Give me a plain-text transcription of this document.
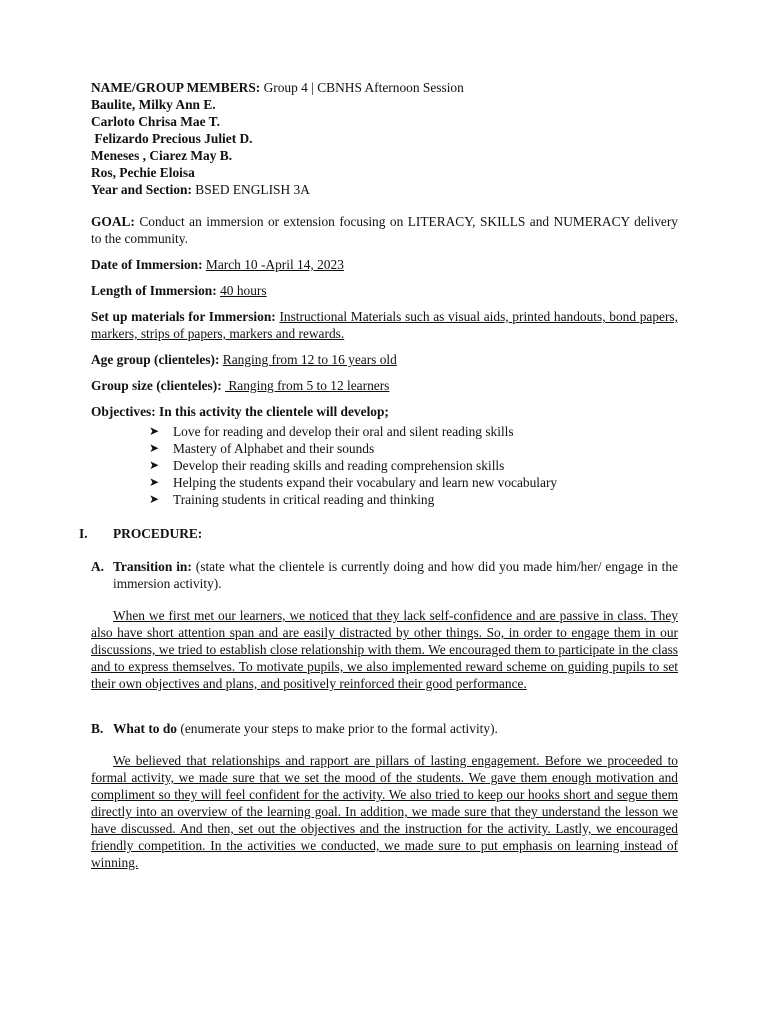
NAME/GROUP MEMBERS: Group 4 | CBNHS Afternoon Session
Baulite, Milky Ann E.
Carloto Chrisa Mae T.
Felizardo Precious Juliet D.
Meneses , Ciarez May B.
Ros, Pechie Eloisa
Year and Section: BSED ENGLISH 3A

GOAL: Conduct an immersion or extension focusing on LITERACY, SKILLS and NUMERACY delivery to the community.

Date of Immersion: March 10 -April 14, 2023

Length of Immersion: 40 hours

Set up materials for Immersion: Instructional Materials such as visual aids, printed handouts, bond papers, markers, strips of papers, markers and rewards.

Age group (clienteles): Ranging from 12 to 16 years old

Group size (clienteles):  Ranging from 5 to 12 learners

Objectives: In this activity the clientele will develop;

➤ Love for reading and develop their oral and silent reading skills
➤ Mastery of Alphabet and their sounds
➤ Develop their reading skills and reading comprehension skills
➤ Helping the students expand their vocabulary and learn new vocabulary
➤ Training students in critical reading and thinking
I. PROCEDURE:

A. Transition in: (state what the clientele is currently doing and how did you made him/her/ engage in the immersion activity).

When we first met our learners, we noticed that they lack self-confidence and are passive in class. They also have short attention span and are easily distracted by other things. So, in order to engage them in our discussions, we tried to establish close relationship with them. We encouraged them to participate in the class and to express themselves. To motivate pupils, we also implemented reward scheme on guiding pupils to set their own objectives and plans, and positively reinforced their good performance.

B. What to do (enumerate your steps to make prior to the formal activity).

We believed that relationships and rapport are pillars of lasting engagement. Before we proceeded to formal activity, we made sure that we set the mood of the students. We gave them enough motivation and compliment so they will feel confident for the activity. We also tried to keep our hooks short and segue them directly into an overview of the learning goal. In addition, we made sure that they understand the lesson we have discussed. And then, set out the objectives and the instruction for the activity. Lastly, we encouraged friendly competition. In the activities we conducted, we made sure to put emphasis on learning instead of winning.
